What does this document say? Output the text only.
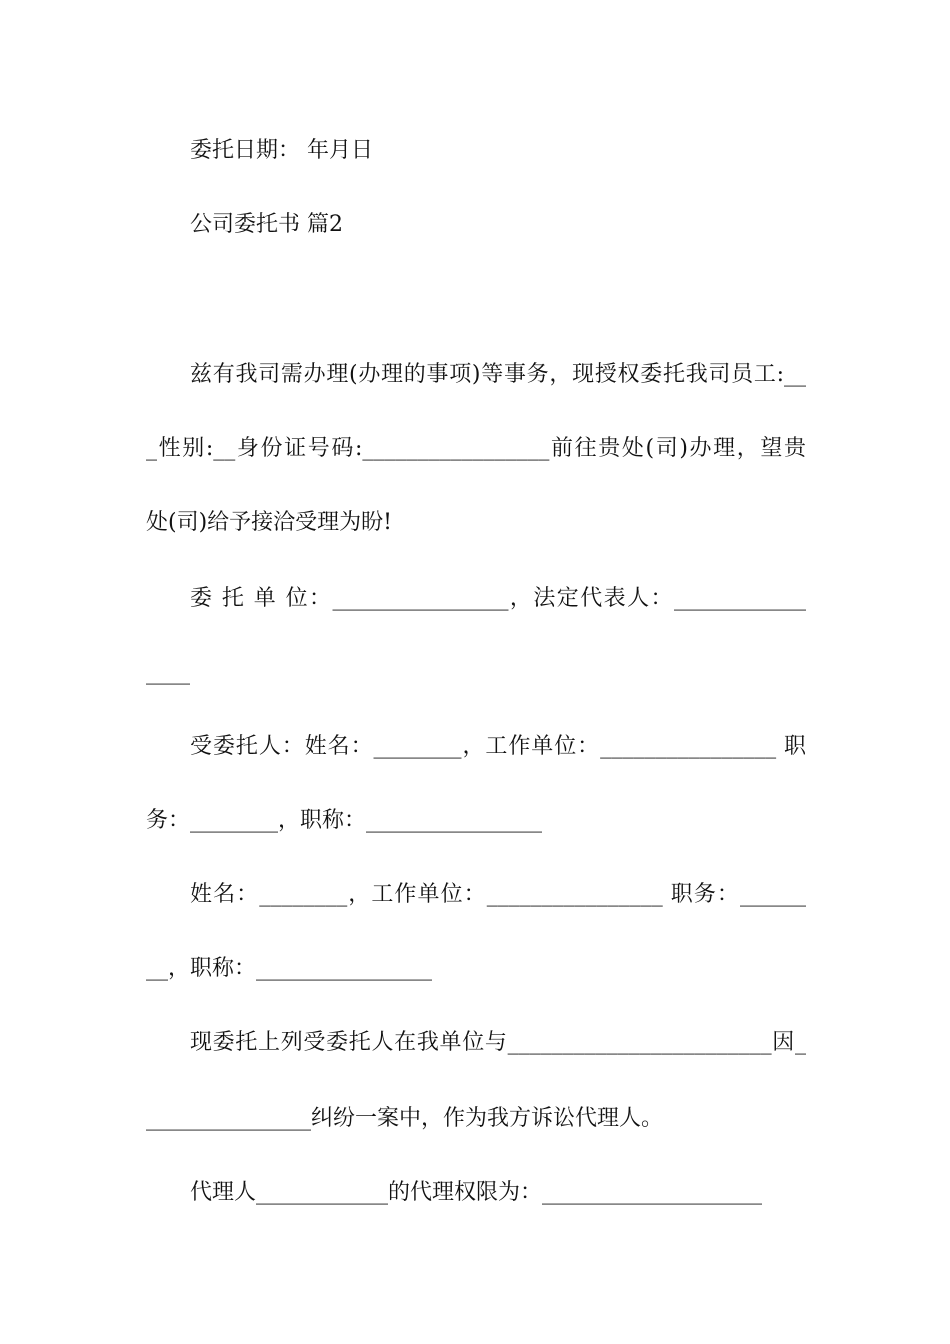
委托日期： 年月日
公司委托书 篇2
兹有我司需办理(办理的事项)等事务，现授权委托我司员工:__
_性别:__身份证号码:_________________前往贵处(司)办理，望贵
处(司)给予接洽受理为盼!
委 托 单 位：________________，法定代表人：____________
____
受委托人：姓名：________，工作单位：________________ 职
务：________，职称：________________
姓名：________，工作单位：________________ 职务：______
__，职称：________________
现委托上列受委托人在我单位与________________________因_
_______________纠纷一案中，作为我方诉讼代理人。
代理人____________的代理权限为：____________________
